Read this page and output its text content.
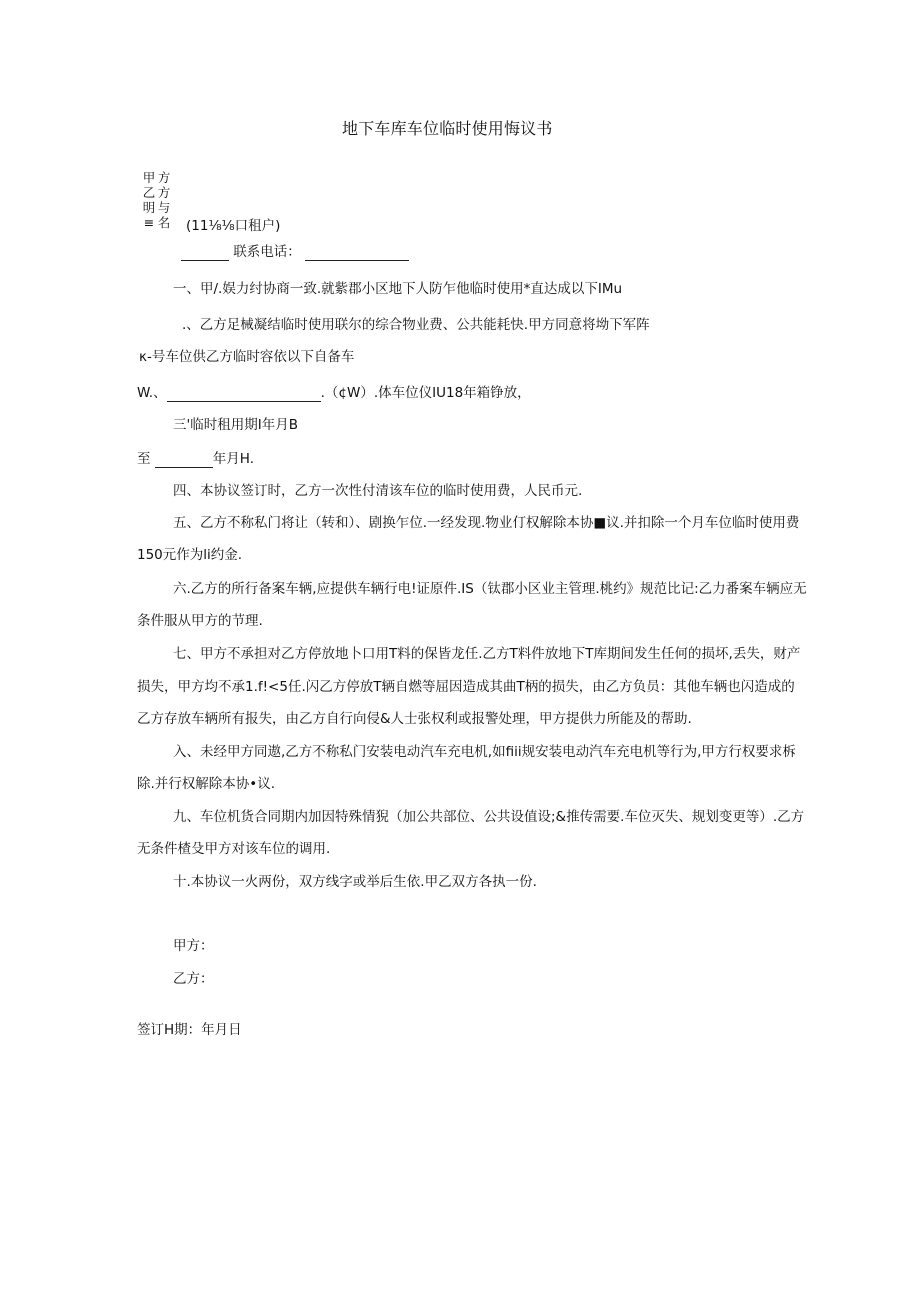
地下车库车位临时使用悔议书
甲
乙
明
≡
方
方
与
名 (11⅛⅛口租户)
联系电话：
一、甲/.娱力纣协商一致.就紫郡小区地下人防乍他临时使用*直达成以下IMu
.、乙方足械凝结临时使用联尔的综合物业费、公共能耗快.甲方同意将坳下军阵
κ-号车位供乙方临时容依以下自备车
W.、	.（¢W）.体车位仪IU18年箱铮放，
三'临时租用期Ⅰ年月B
至	年月H.
四、本协议签订时，乙方一次性付清该车位的临时使用费，人民币元.
五、乙方不称私门将让（转和）、剧换乍位.一经发现.物业仃权解除本协■议.并扣除一个月车位临时使用费
150元作为li约金.
六.乙方的所行备案车辆,应提供车辆行电!证原件.IS（钛郡小区业主管理.桃约》规范比记:乙力番案车辆应无
条件服从甲方的节理.
七、甲方不承担对乙方停放地卜口用T料的保皆龙任.乙方T料件放地下T库期间发生任何的损坏,丢失，财产
损失，甲方均不承1.f!<5任.闪乙方停放T辆自燃等屈因造成其曲T柄的损失，由乙方负员：其他车辆也闪造成的
乙方存放车辆所有报失，由乙方自行向侵&人士张权利或报警处理，甲方提供力所能及的帮助.
入、未经甲方同遨,乙方不称私门安装电动汽车充电机,如fiii规安装电动汽车充电机等行为,甲方行权要求柝
除.并行权解除本协•议.
九、车位机货合同期内加因特殊情猊（加公共部位、公共设值设;&推传需要.车位灭失、规划变更等）.乙方
无条件楂殳甲方对该车位的调用.
十.本协议一火两份，双方线字或举后生依.甲乙双方各执一份.
甲方：
乙方：
签订H期：年月日
